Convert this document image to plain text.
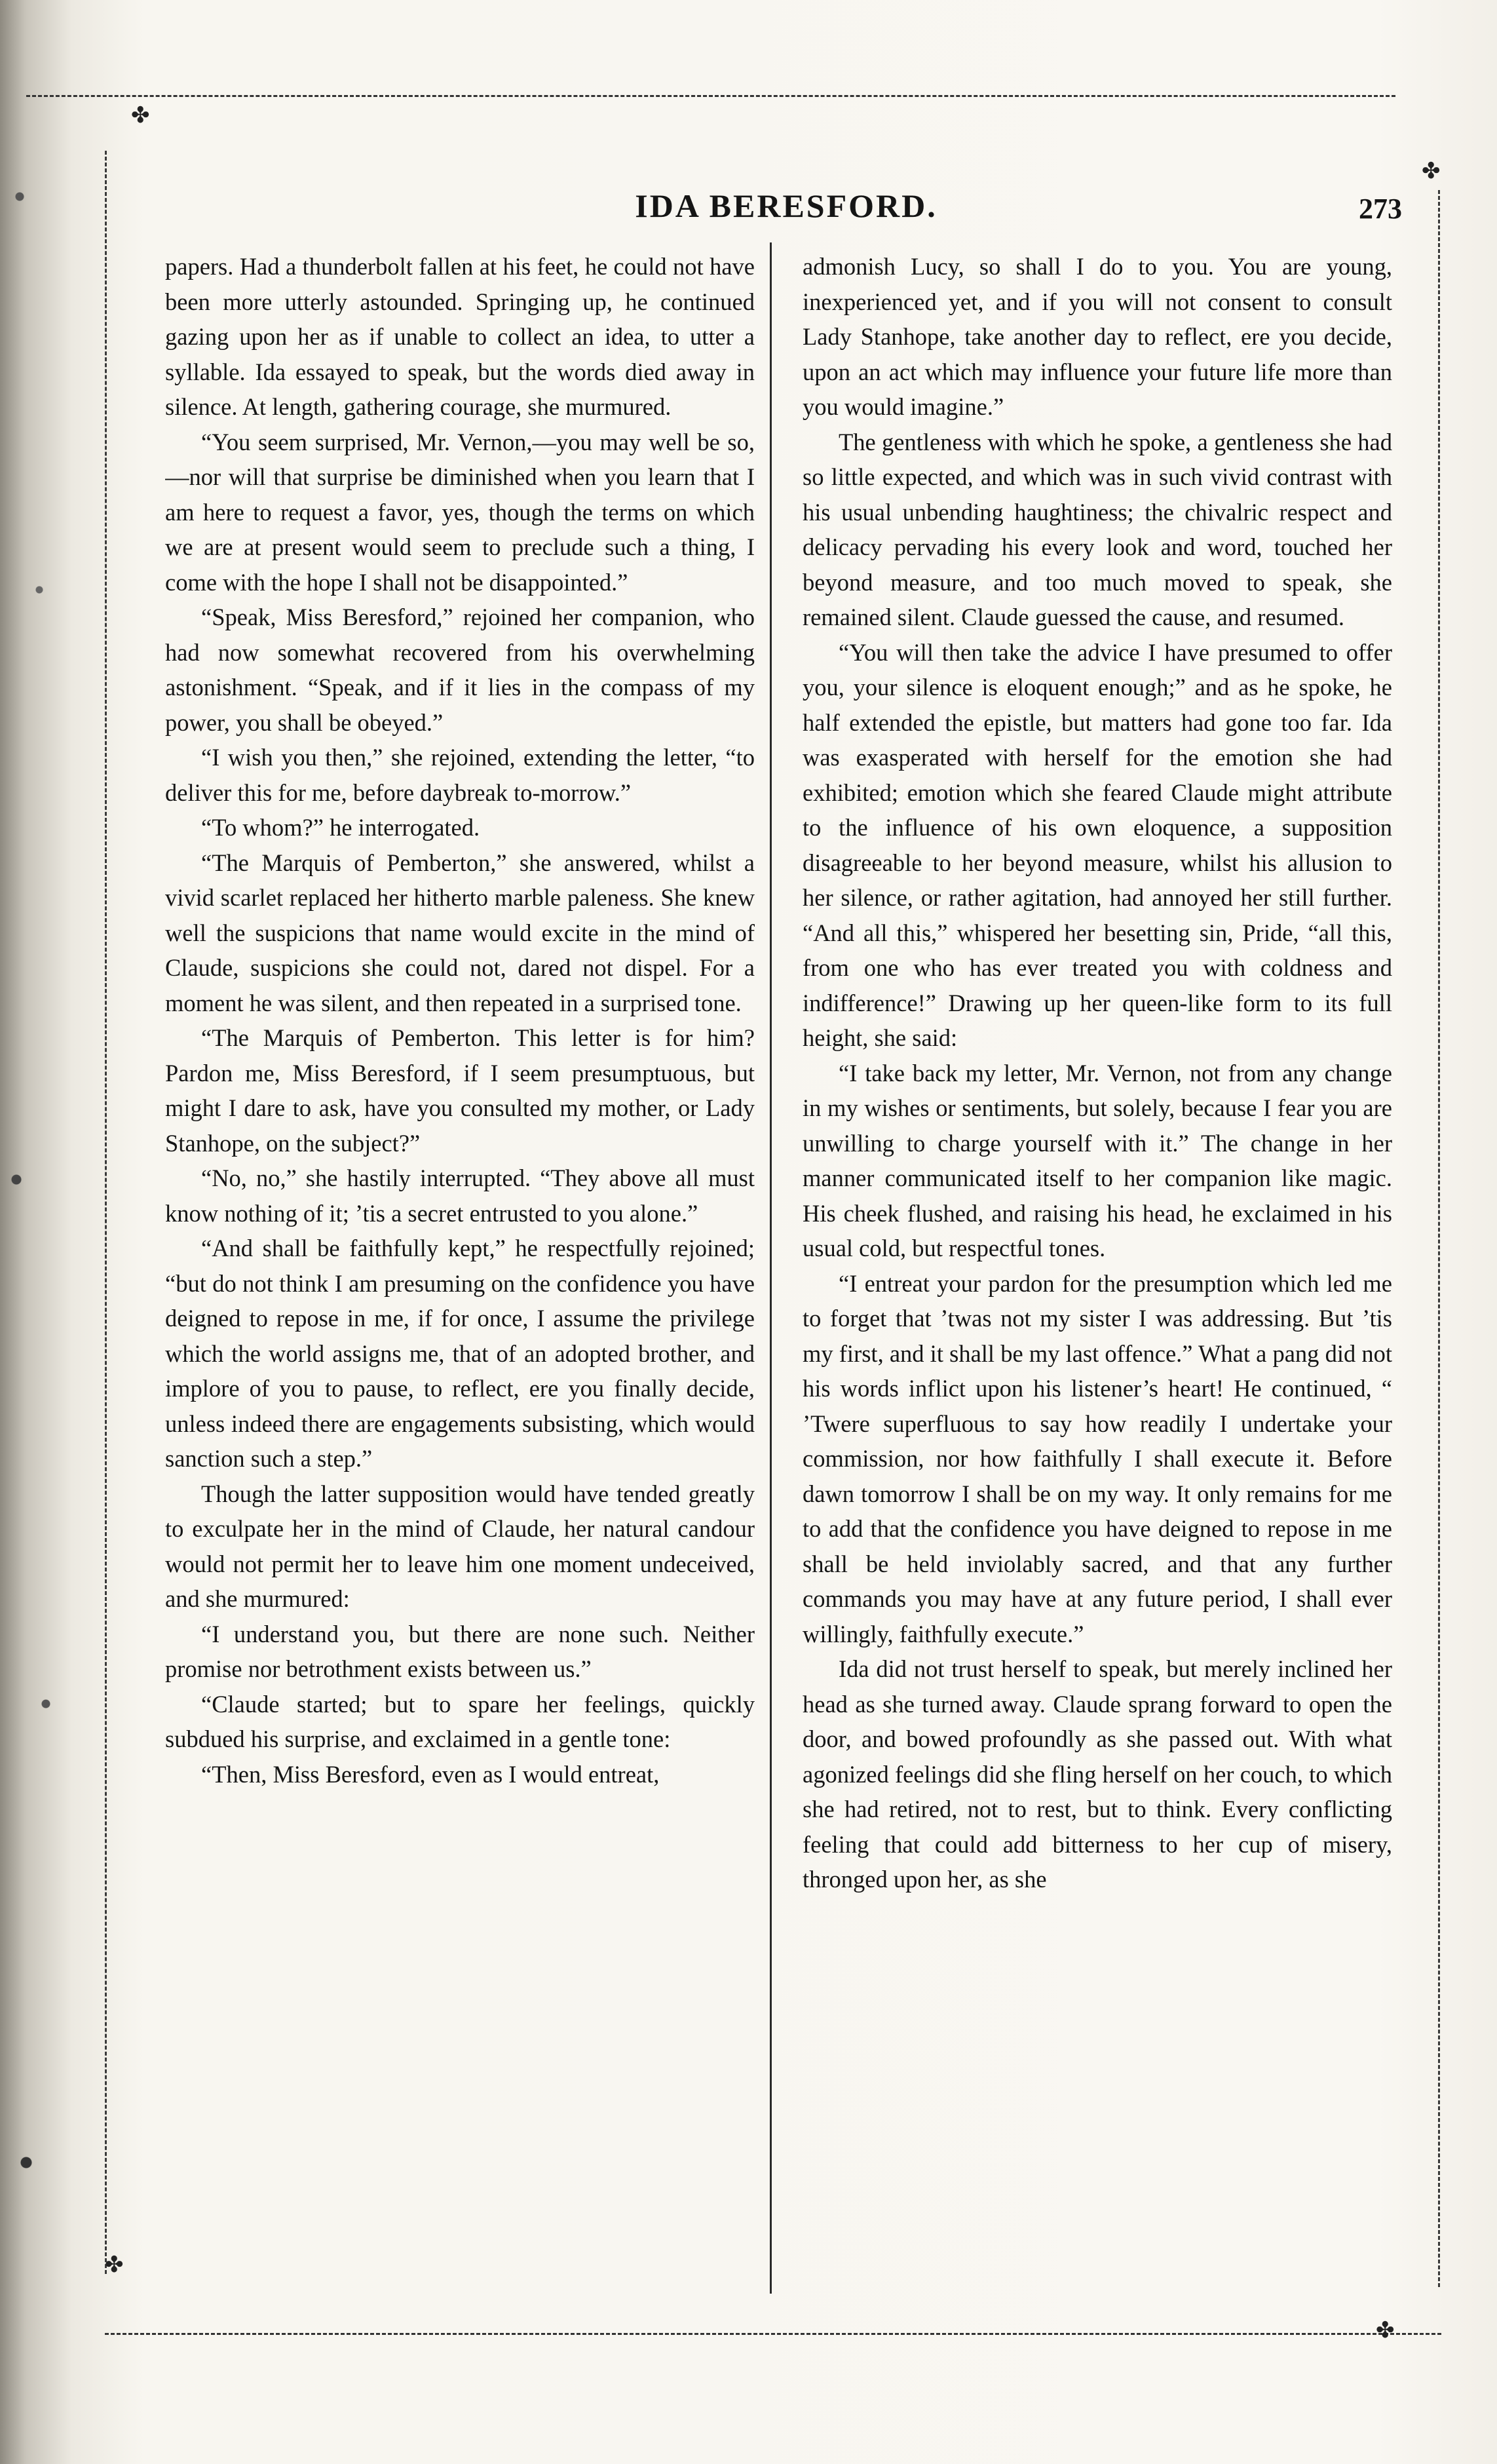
✤
✤
✤
✤
IDA BERESFORD.	273

papers. Had a thunderbolt fallen at his feet, he could not have been more utterly astounded. Springing up, he continued gazing upon her as if unable to collect an idea, to utter a syllable. Ida essayed to speak, but the words died away in silence. At length, gathering courage, she murmured.

“You seem surprised, Mr. Vernon,—you may well be so,—nor will that surprise be diminished when you learn that I am here to request a favor, yes, though the terms on which we are at present would seem to preclude such a thing, I come with the hope I shall not be disappointed.”

“Speak, Miss Beresford,” rejoined her companion, who had now somewhat recovered from his overwhelming astonishment. “Speak, and if it lies in the compass of my power, you shall be obeyed.”

“I wish you then,” she rejoined, extending the letter, “to deliver this for me, before daybreak to-morrow.”

“To whom?” he interrogated.

“The Marquis of Pemberton,” she answered, whilst a vivid scarlet replaced her hitherto marble paleness. She knew well the suspicions that name would excite in the mind of Claude, suspicions she could not, dared not dispel. For a moment he was silent, and then repeated in a surprised tone.

“The Marquis of Pemberton. This letter is for him? Pardon me, Miss Beresford, if I seem presumptuous, but might I dare to ask, have you consulted my mother, or Lady Stanhope, on the subject?”

“No, no,” she hastily interrupted. “They above all must know nothing of it; ’tis a secret entrusted to you alone.”

“And shall be faithfully kept,” he respectfully rejoined; “but do not think I am presuming on the confidence you have deigned to repose in me, if for once, I assume the privilege which the world assigns me, that of an adopted brother, and implore of you to pause, to reflect, ere you finally decide, unless indeed there are engagements subsisting, which would sanction such a step.”

Though the latter supposition would have tended greatly to exculpate her in the mind of Claude, her natural candour would not permit her to leave him one moment undeceived, and she murmured:

“I understand you, but there are none such. Neither promise nor betrothment exists between us.”

“Claude started; but to spare her feelings, quickly subdued his surprise, and exclaimed in a gentle tone:

“Then, Miss Beresford, even as I would entreat,

admonish Lucy, so shall I do to you. You are young, inexperienced yet, and if you will not consent to consult Lady Stanhope, take another day to reflect, ere you decide, upon an act which may influence your future life more than you would imagine.”

The gentleness with which he spoke, a gentleness she had so little expected, and which was in such vivid contrast with his usual unbending haughtiness; the chivalric respect and delicacy pervading his every look and word, touched her beyond measure, and too much moved to speak, she remained silent. Claude guessed the cause, and resumed.

“You will then take the advice I have presumed to offer you, your silence is eloquent enough;” and as he spoke, he half extended the epistle, but matters had gone too far. Ida was exasperated with herself for the emotion she had exhibited; emotion which she feared Claude might attribute to the influence of his own eloquence, a supposition disagreeable to her beyond measure, whilst his allusion to her silence, or rather agitation, had annoyed her still further. “And all this,” whispered her besetting sin, Pride, “all this, from one who has ever treated you with coldness and indifference!” Drawing up her queen-like form to its full height, she said:

“I take back my letter, Mr. Vernon, not from any change in my wishes or sentiments, but solely, because I fear you are unwilling to charge yourself with it.” The change in her manner communicated itself to her companion like magic. His cheek flushed, and raising his head, he exclaimed in his usual cold, but respectful tones.

“I entreat your pardon for the presumption which led me to forget that ’twas not my sister I was addressing. But ’tis my first, and it shall be my last offence.” What a pang did not his words inflict upon his listener’s heart! He continued, “ ’Twere superfluous to say how readily I undertake your commission, nor how faithfully I shall execute it. Before dawn tomorrow I shall be on my way. It only remains for me to add that the confidence you have deigned to repose in me shall be held inviolably sacred, and that any further commands you may have at any future period, I shall ever willingly, faithfully execute.”

Ida did not trust herself to speak, but merely inclined her head as she turned away. Claude sprang forward to open the door, and bowed profoundly as she passed out. With what agonized feelings did she fling herself on her couch, to which she had retired, not to rest, but to think. Every conflicting feeling that could add bitterness to her cup of misery, thronged upon her, as she
